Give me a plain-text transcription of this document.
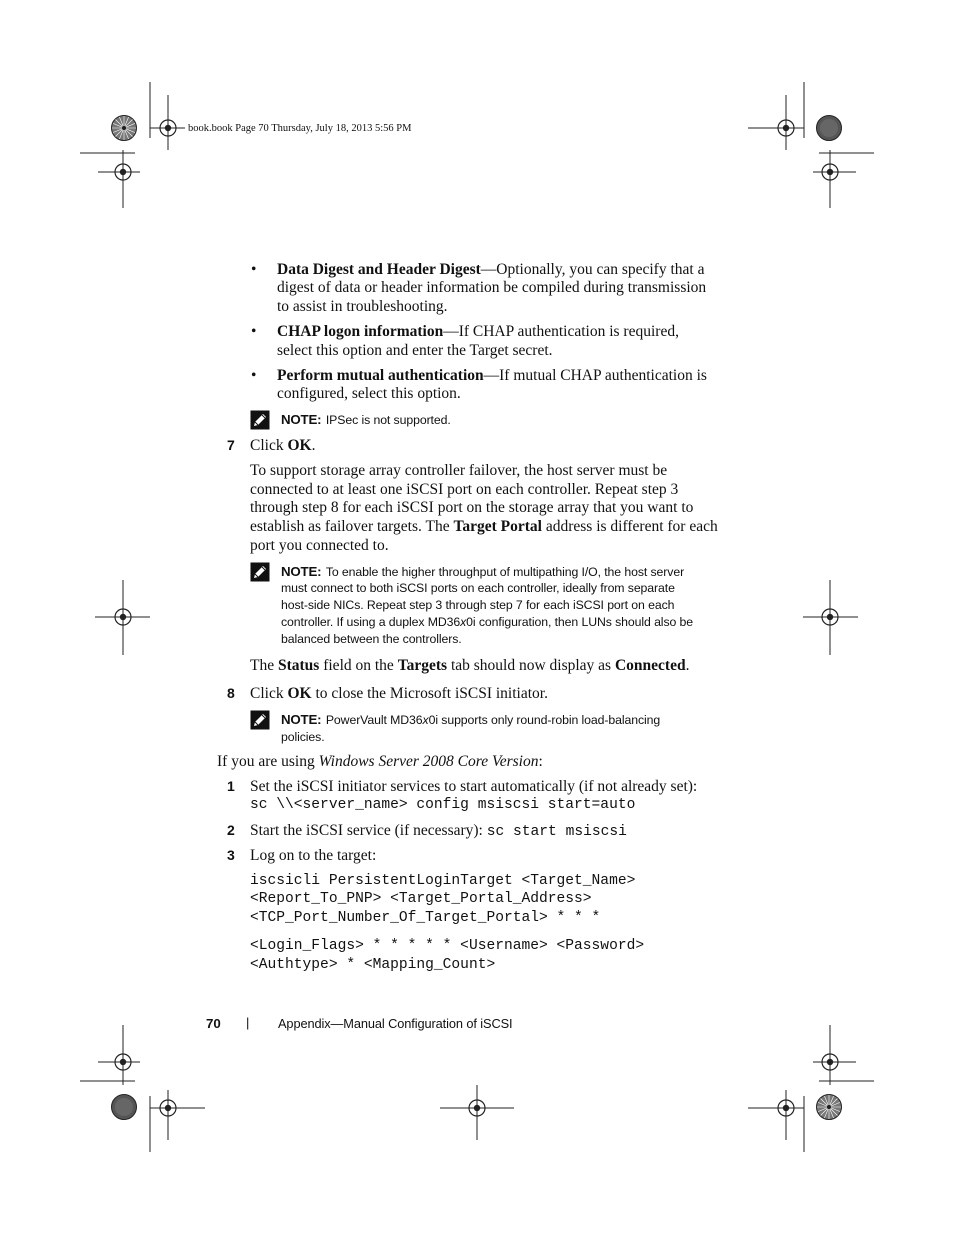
book.book Page 70 Thursday, July 18, 2013 5:56 PM
• Data Digest and Header Digest—Optionally, you can specify that a
digest of data or header information be compiled during transmission
to assist in troubleshooting.
• CHAP logon information—If CHAP authentication is required,
select this option and enter the Target secret.
• Perform mutual authentication—If mutual CHAP authentication is
configured, select this option.
NOTE: IPSec is not supported.
7 Click OK.
To support storage array controller failover, the host server must be
connected to at least one iSCSI port on each controller. Repeat step 3
through step 8 for each iSCSI port on the storage array that you want to
establish as failover targets. The Target Portal address is different for each
port you connected to.
NOTE: To enable the higher throughput of multipathing I/O, the host server
must connect to both iSCSI ports on each controller, ideally from separate
host-side NICs. Repeat step 3 through step 7 for each iSCSI port on each
controller. If using a duplex MD36x0i configuration, then LUNs should also be
balanced between the controllers.
The Status field on the Targets tab should now display as Connected.
8 Click OK to close the Microsoft iSCSI initiator.
NOTE: PowerVault MD36x0i supports only round-robin load-balancing
policies.
If you are using Windows Server 2008 Core Version:
1 Set the iSCSI initiator services to start automatically (if not already set):
sc \\<server_name> config msiscsi start=auto
2 Start the iSCSI service (if necessary): sc start msiscsi
3 Log on to the target:
iscsicli PersistentLoginTarget <Target_Name>
<Report_To_PNP> <Target_Portal_Address>
<TCP_Port_Number_Of_Target_Portal> * * *
<Login_Flags> * * * * * <Username> <Password>
<Authtype> * <Mapping_Count>
70 | Appendix—Manual Configuration of iSCSI
